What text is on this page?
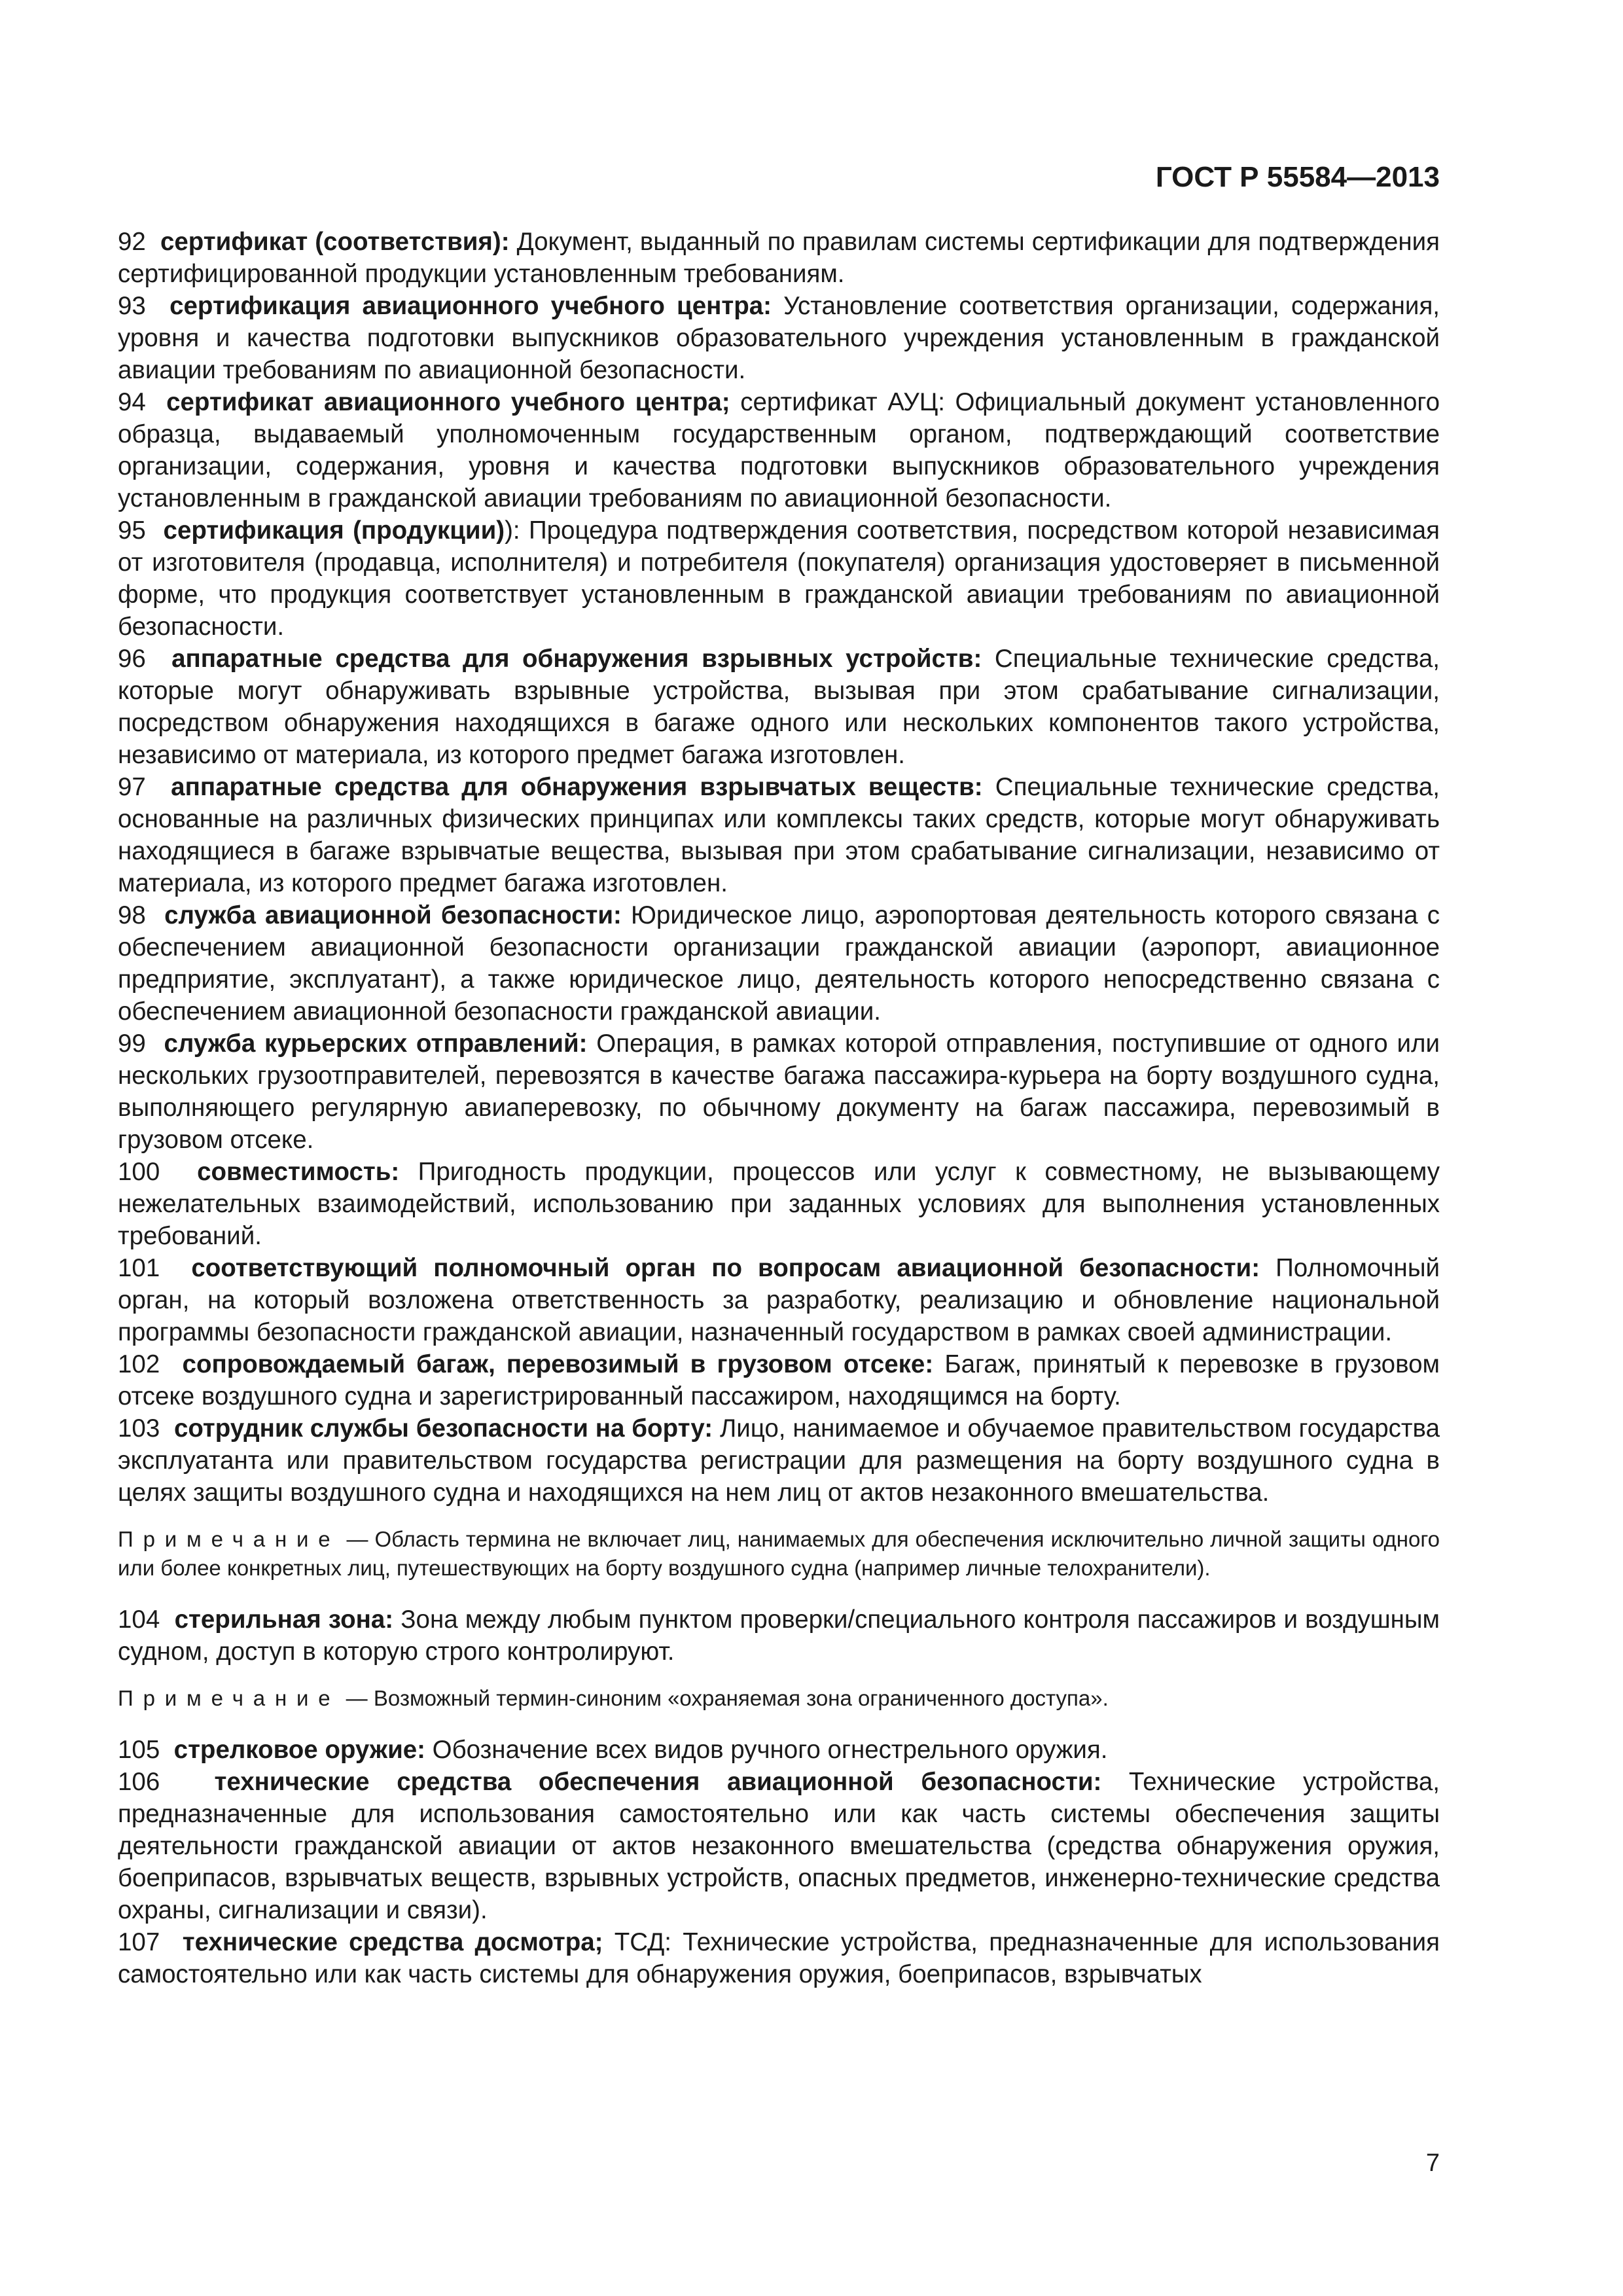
ГОСТ Р 55584—2013

92 сертификат (соответствия): Документ, выданный по правилам системы сертификации для подтверждения сертифицированной продукции установленным требованиям.

93 сертификация авиационного учебного центра: Установление соответствия организации, содержания, уровня и качества подготовки выпускников образовательного учреждения установленным в гражданской авиации требованиям по авиационной безопасности.

94 сертификат авиационного учебного центра; сертификат АУЦ: Официальный документ установленного образца, выдаваемый уполномоченным государственным органом, подтверждающий соответствие организации, содержания, уровня и качества подготовки выпускников образовательного учреждения установленным в гражданской авиации требованиям по авиационной безопасности.

95 сертификация (продукции)): Процедура подтверждения соответствия, посредством которой независимая от изготовителя (продавца, исполнителя) и потребителя (покупателя) организация удостоверяет в письменной форме, что продукция соответствует установленным в гражданской авиации требованиям по авиационной безопасности.

96 аппаратные средства для обнаружения взрывных устройств: Специальные технические средства, которые могут обнаруживать взрывные устройства, вызывая при этом срабатывание сигнализации, посредством обнаружения находящихся в багаже одного или нескольких компонентов такого устройства, независимо от материала, из которого предмет багажа изготовлен.

97 аппаратные средства для обнаружения взрывчатых веществ: Специальные технические средства, основанные на различных физических принципах или комплексы таких средств, которые могут обнаруживать находящиеся в багаже взрывчатые вещества, вызывая при этом срабатывание сигнализации, независимо от материала, из которого предмет багажа изготовлен.

98 служба авиационной безопасности: Юридическое лицо, аэропортовая деятельность которого связана с обеспечением авиационной безопасности организации гражданской авиации (аэропорт, авиационное предприятие, эксплуатант), а также юридическое лицо, деятельность которого непосредственно связана с обеспечением авиационной безопасности гражданской авиации.

99 служба курьерских отправлений: Операция, в рамках которой отправления, поступившие от одного или нескольких грузоотправителей, перевозятся в качестве багажа пассажира-курьера на борту воздушного судна, выполняющего регулярную авиаперевозку, по обычному документу на багаж пассажира, перевозимый в грузовом отсеке.

100 совместимость: Пригодность продукции, процессов или услуг к совместному, не вызывающему нежелательных взаимодействий, использованию при заданных условиях для выполнения установленных требований.

101 соответствующий полномочный орган по вопросам авиационной безопасности: Полномочный орган, на который возложена ответственность за разработку, реализацию и обновление национальной программы безопасности гражданской авиации, назначенный государством в рамках своей администрации.

102 сопровождаемый багаж, перевозимый в грузовом отсеке: Багаж, принятый к перевозке в грузовом отсеке воздушного судна и зарегистрированный пассажиром, находящимся на борту.

103 сотрудник службы безопасности на борту: Лицо, нанимаемое и обучаемое правительством государства эксплуатанта или правительством государства регистрации для размещения на борту воздушного судна в целях защиты воздушного судна и находящихся на нем лиц от актов незаконного вмешательства.

Примечание — Область термина не включает лиц, нанимаемых для обеспечения исключительно личной защиты одного или более конкретных лиц, путешествующих на борту воздушного судна (например личные телохранители).

104 стерильная зона: Зона между любым пунктом проверки/специального контроля пассажиров и воздушным судном, доступ в которую строго контролируют.

Примечание — Возможный термин-синоним «охраняемая зона ограниченного доступа».

105 стрелковое оружие: Обозначение всех видов ручного огнестрельного оружия.

106 технические средства обеспечения авиационной безопасности: Технические устройства, предназначенные для использования самостоятельно или как часть системы обеспечения защиты деятельности гражданской авиации от актов незаконного вмешательства (средства обнаружения оружия, боеприпасов, взрывчатых веществ, взрывных устройств, опасных предметов, инженерно-технические средства охраны, сигнализации и связи).

107 технические средства досмотра; ТСД: Технические устройства, предназначенные для использования самостоятельно или как часть системы для обнаружения оружия, боеприпасов, взрывчатых

7
